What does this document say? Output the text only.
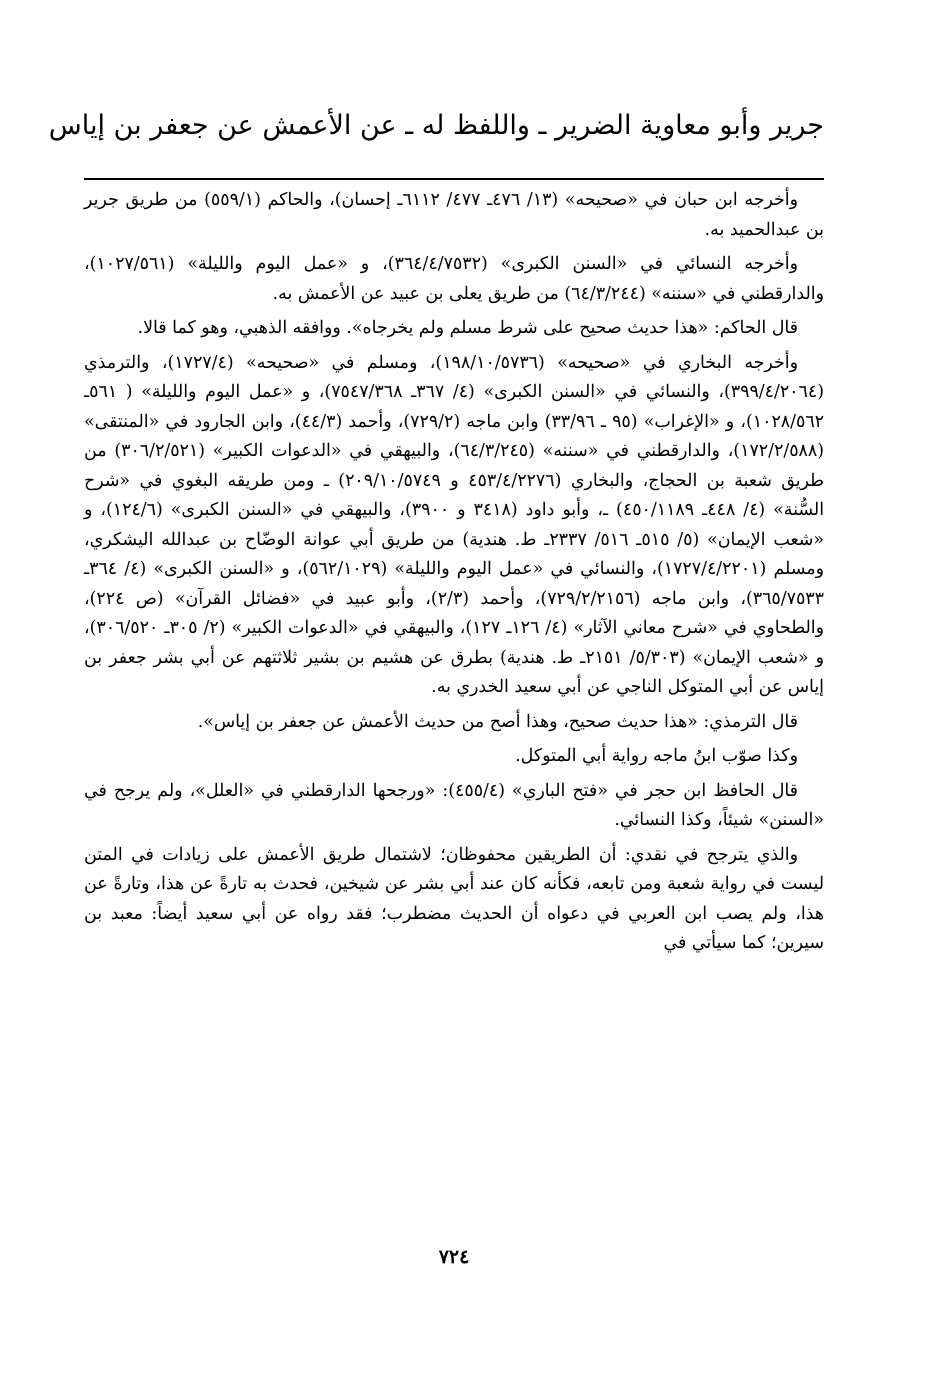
جرير وأبو معاوية الضرير ـ واللفظ له ـ عن الأعمش عن جعفر بن إياس

وأخرجه ابن حبان في «صحيحه» (١٣/ ٤٧٦ـ ٤٧٧/ ٦١١٢ـ إحسان)، والحاكم (٥٥٩/١) من طريق جرير بن عبدالحميد به.

وأخرجه النسائي في «السنن الكبرى» (٣٦٤/٤/٧٥٣٢)، و «عمل اليوم والليلة» (١٠٢٧/٥٦١)، والدارقطني في «سننه» (٦٤/٣/٢٤٤) من طريق يعلى بن عبيد عن الأعمش به.

قال الحاكم: «هذا حديث صحيح على شرط مسلم ولم يخرجاه». ووافقه الذهبي، وهو كما قالا.

وأخرجه البخاري في «صحيحه» (١٩٨/١٠/٥٧٣٦)، ومسلم في «صحيحه» (١٧٢٧/٤)، والترمذي (٣٩٩/٤/٢٠٦٤)، والنسائي في «السنن الكبرى» (٤/ ٣٦٧ـ ٧٥٤٧/٣٦٨)، و «عمل اليوم والليلة» ( ٥٦١ـ ١٠٢٨/٥٦٢)، و «الإغراب» (٩٥ ـ ٣٣/٩٦) وابن ماجه (٧٢٩/٢)، وأحمد (٤٤/٣)، وابن الجارود في «المنتقى» (١٧٢/٢/٥٨٨)، والدارقطني في «سننه» (٦٤/٣/٢٤٥)، والبيهقي في «الدعوات الكبير» (٣٠٦/٢/٥٢١) من طريق شعبة بن الحجاج، والبخاري (٤٥٣/٤/٢٢٧٦ و ٢٠٩/١٠/٥٧٤٩) ـ ومن طريقه البغوي في «شرح السُّنة» (٤/ ٤٤٨ـ ٤٥٠/١١٨٩) ـ، وأبو داود (٣٤١٨ و ٣٩٠٠)، والبيهقي في «السنن الكبرى» (١٢٤/٦)، و «شعب الإيمان» (٥/ ٥١٥ـ ٥١٦/ ٢٣٣٧ـ ط. هندية) من طريق أبي عوانة الوضّاح بن عبدالله اليشكري، ومسلم (١٧٢٧/٤/٢٢٠١)، والنسائي في «عمل اليوم والليلة» (٥٦٢/١٠٢٩)، و «السنن الكبرى» (٤/ ٣٦٤ـ ٣٦٥/٧٥٣٣)، وابن ماجه (٧٢٩/٢/٢١٥٦)، وأحمد (٢/٣)، وأبو عبيد في «فضائل القرآن» (ص ٢٢٤)، والطحاوي في «شرح معاني الآثار» (٤/ ١٢٦ـ ١٢٧)، والبيهقي في «الدعوات الكبير» (٢/ ٣٠٥ـ ٣٠٦/٥٢٠)، و «شعب الإيمان» (٥/٣٠٣/ ٢١٥١ـ ط. هندية) بطرق عن هشيم بن بشير ثلاثتهم عن أبي بشر جعفر بن إياس عن أبي المتوكل الناجي عن أبي سعيد الخدري به.

قال الترمذي: «هذا حديث صحيح، وهذا أصح من حديث الأعمش عن جعفر بن إياس».

وكذا صوّب ابنُ ماجه رواية أبي المتوكل.

قال الحافظ ابن حجر في «فتح الباري» (٤٥٥/٤): «ورجحها الدارقطني في «العلل»، ولم يرجح في «السنن» شيئاً، وكذا النسائي.

والذي يترجح في نقدي: أن الطريقين محفوظان؛ لاشتمال طريق الأعمش على زيادات في المتن ليست في رواية شعبة ومن تابعه، فكأنه كان عند أبي بشر عن شيخين، فحدث به تارةً عن هذا، وتارةً عن هذا، ولم يصب ابن العربي في دعواه أن الحديث مضطرب؛ فقد رواه عن أبي سعيد أيضاً: معبد بن سيرين؛ كما سيأتي في

٧٢٤
